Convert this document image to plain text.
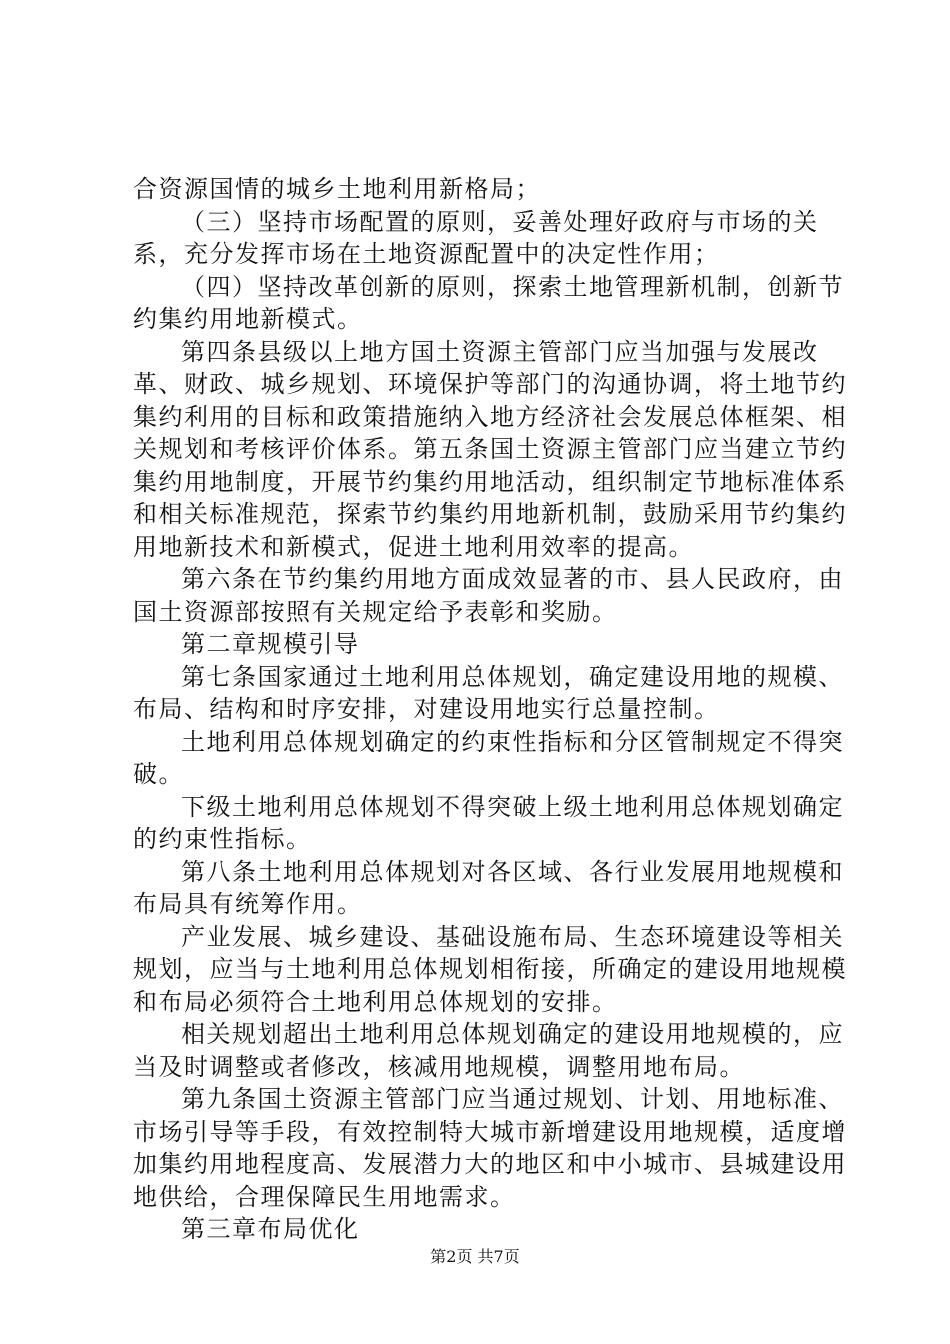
合资源国情的城乡土地利用新格局；

（三）坚持市场配置的原则，妥善处理好政府与市场的关系，充分发挥市场在土地资源配置中的决定性作用；

（四）坚持改革创新的原则，探索土地管理新机制，创新节约集约用地新模式。

第四条县级以上地方国土资源主管部门应当加强与发展改革、财政、城乡规划、环境保护等部门的沟通协调，将土地节约集约利用的目标和政策措施纳入地方经济社会发展总体框架、相关规划和考核评价体系。第五条国土资源主管部门应当建立节约集约用地制度，开展节约集约用地活动，组织制定节地标准体系和相关标准规范，探索节约集约用地新机制，鼓励采用节约集约用地新技术和新模式，促进土地利用效率的提高。

第六条在节约集约用地方面成效显著的市、县人民政府，由国土资源部按照有关规定给予表彰和奖励。

第二章规模引导

第七条国家通过土地利用总体规划，确定建设用地的规模、布局、结构和时序安排，对建设用地实行总量控制。

土地利用总体规划确定的约束性指标和分区管制规定不得突破。

下级土地利用总体规划不得突破上级土地利用总体规划确定的约束性指标。

第八条土地利用总体规划对各区域、各行业发展用地规模和布局具有统筹作用。

产业发展、城乡建设、基础设施布局、生态环境建设等相关规划，应当与土地利用总体规划相衔接，所确定的建设用地规模和布局必须符合土地利用总体规划的安排。

相关规划超出土地利用总体规划确定的建设用地规模的，应当及时调整或者修改，核减用地规模，调整用地布局。

第九条国土资源主管部门应当通过规划、计划、用地标准、市场引导等手段，有效控制特大城市新增建设用地规模，适度增加集约用地程度高、发展潜力大的地区和中小城市、县城建设用地供给，合理保障民生用地需求。

第三章布局优化

第2页 共7页
